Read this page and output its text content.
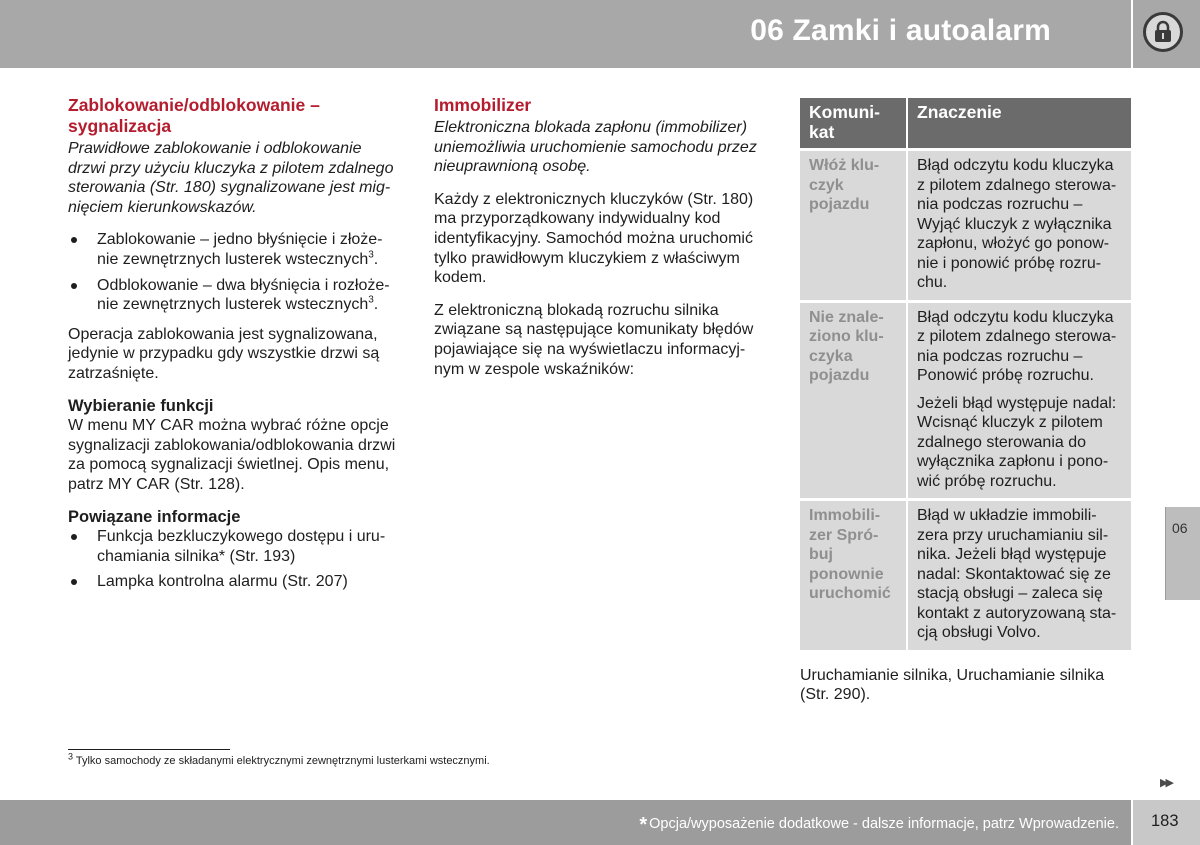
06 Zamki i autoalarm
Zablokowanie/odblokowanie – sygnalizacja

Prawidłowe zablokowanie i odblokowanie drzwi przy użyciu kluczyka z pilotem zdalnego sterowania (Str. 180) sygnalizowane jest mig-nięciem kierunkowskazów.

Zablokowanie – jedno błyśnięcie i złoże-nie zewnętrznych lusterek wstecznych$^3$.
Odblokowanie – dwa błyśnięcia i rozłoże-nie zewnętrznych lusterek wstecznych$^3$.

Operacja zablokowania jest sygnalizowana, jedynie w przypadku gdy wszystkie drzwi są zatrzaśnięte.

Wybieranie funkcji

W menu MY CAR można wybrać różne opcje sygnalizacji zablokowania/odblokowania drzwi za pomocą sygnalizacji świetlnej. Opis menu, patrz MY CAR (Str. 128).

Powiązane informacje
Funkcja bezkluczykowego dostępu i uru-chamiania silnika* (Str. 193)
Lampka kontrolna alarmu (Str. 207)
Immobilizer

Elektroniczna blokada zapłonu (immobilizer) uniemożliwia uruchomienie samochodu przez nieuprawnioną osobę.

Każdy z elektronicznych kluczyków (Str. 180) ma przyporządkowany indywidualny kod identyfikacyjny. Samochód można uruchomić tylko prawidłowym kluczykiem z właściwym kodem.

Z elektroniczną blokadą rozruchu silnika związane są następujące komunikaty błędów pojawiające się na wyświetlaczu informacyj-nym w zespole wskaźników:

Komuni-kat	Znaczenie
Włóż klu-czyk pojazdu	Błąd odczytu kodu kluczyka z pilotem zdalnego sterowa-nia podczas rozruchu – Wyjąć kluczyk z wyłącznika zapłonu, włożyć go ponow-nie i ponowić próbę rozru-chu.

Nie znale-ziono klu-czyka pojazdu	Błąd odczytu kodu kluczyka z pilotem zdalnego sterowa-nia podczas rozruchu – Ponowić próbę rozruchu.

Jeżeli błąd występuje nadal: Wcisnąć kluczyk z pilotem zdalnego sterowania do wyłącznika zapłonu i pono-wić próbę rozruchu.

Immobili-zer Spró-buj ponownie uruchomić	Błąd w układzie immobili-zera przy uruchamianiu sil-nika. Jeżeli błąd występuje nadal: Skontaktować się ze stacją obsługi – zaleca się kontakt z autoryzowaną sta-cją obsługi Volvo.

Uruchamianie silnika, Uruchamianie silnika (Str. 290).

$^3$ Tylko samochody ze składanymi elektrycznymi zewnętrznymi lusterkami wstecznymi.
06
▶▶
* Opcja/wyposażenie dodatkowe - dalsze informacje, patrz Wprowadzenie. 183
